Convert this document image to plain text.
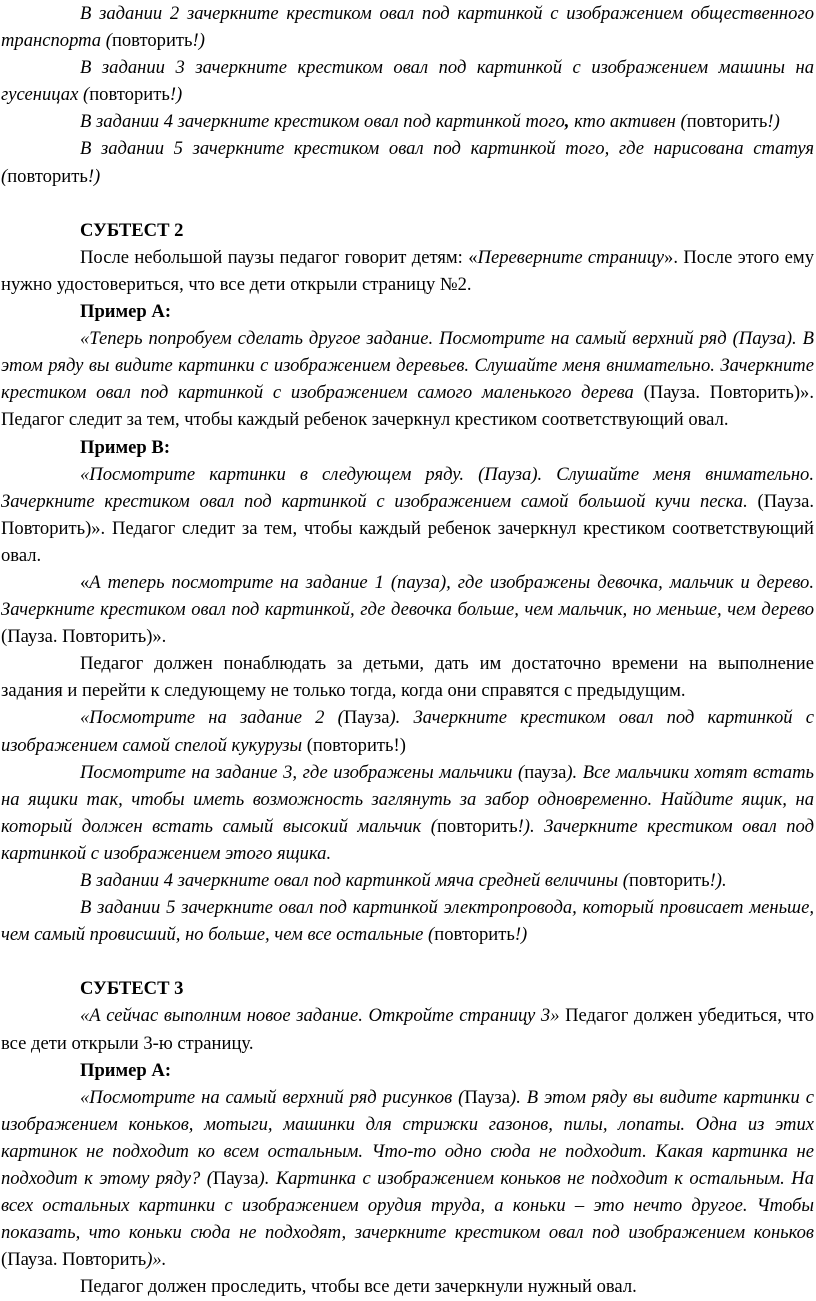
В задании 2 зачеркните крестиком овал под картинкой с изображением общественного транспорта (повторить!)

В задании 3 зачеркните крестиком овал под картинкой с изображением машины на гусеницах (повторить!)

В задании 4 зачеркните крестиком овал под картинкой того, кто активен (повторить!)

В задании 5 зачеркните крестиком овал под картинкой того, где нарисована статуя (повторить!)

СУБТЕСТ 2

После небольшой паузы педагог говорит детям: «Переверните страницу». После этого ему нужно удостовериться, что все дети открыли страницу №2.

Пример А:

«Теперь попробуем сделать другое задание. Посмотрите на самый верхний ряд (Пауза). В этом ряду вы видите картинки с изображением деревьев. Слушайте меня внимательно. Зачеркните крестиком овал под картинкой с изображением самого маленького дерева (Пауза. Повторить)». Педагог следит за тем, чтобы каждый ребенок зачеркнул крестиком соответствующий овал.

Пример В:

«Посмотрите картинки в следующем ряду. (Пауза). Слушайте меня внимательно. Зачеркните крестиком овал под картинкой с изображением самой большой кучи песка. (Пауза. Повторить)». Педагог следит за тем, чтобы каждый ребенок зачеркнул крестиком соответствующий овал.

«А теперь посмотрите на задание 1 (пауза), где изображены девочка, мальчик и дерево. Зачеркните крестиком овал под картинкой, где девочка больше, чем мальчик, но меньше, чем дерево (Пауза. Повторить)».

Педагог должен понаблюдать за детьми, дать им достаточно времени на выполнение задания и перейти к следующему не только тогда, когда они справятся с предыдущим.

«Посмотрите на задание 2 (Пауза). Зачеркните крестиком овал под картинкой с изображением самой спелой кукурузы (повторить!)

Посмотрите на задание 3, где изображены мальчики (пауза). Все мальчики хотят встать на ящики так, чтобы иметь возможность заглянуть за забор одновременно. Найдите ящик, на который должен встать самый высокий мальчик (повторить!). Зачеркните крестиком овал под картинкой с изображением этого ящика.

В задании 4 зачеркните овал под картинкой мяча средней величины (повторить!).

В задании 5 зачеркните овал под картинкой электропровода, который провисает меньше, чем самый провисший, но больше, чем все остальные (повторить!)

СУБТЕСТ 3

«А сейчас выполним новое задание. Откройте страницу 3» Педагог должен убедиться, что все дети открыли 3-ю страницу.

Пример А:

«Посмотрите на самый верхний ряд рисунков (Пауза). В этом ряду вы видите картинки с изображением коньков, мотыги, машинки для стрижки газонов, пилы, лопаты. Одна из этих картинок не подходит ко всем остальным. Что-то одно сюда не подходит. Какая картинка не подходит к этому ряду? (Пауза). Картинка с изображением коньков не подходит к остальным. На всех остальных картинки с изображением орудия труда, а коньки – это нечто другое. Чтобы показать, что коньки сюда не подходят, зачеркните крестиком овал под изображением коньков (Пауза. Повторить)».

Педагог должен проследить, чтобы все дети зачеркнули нужный овал.
